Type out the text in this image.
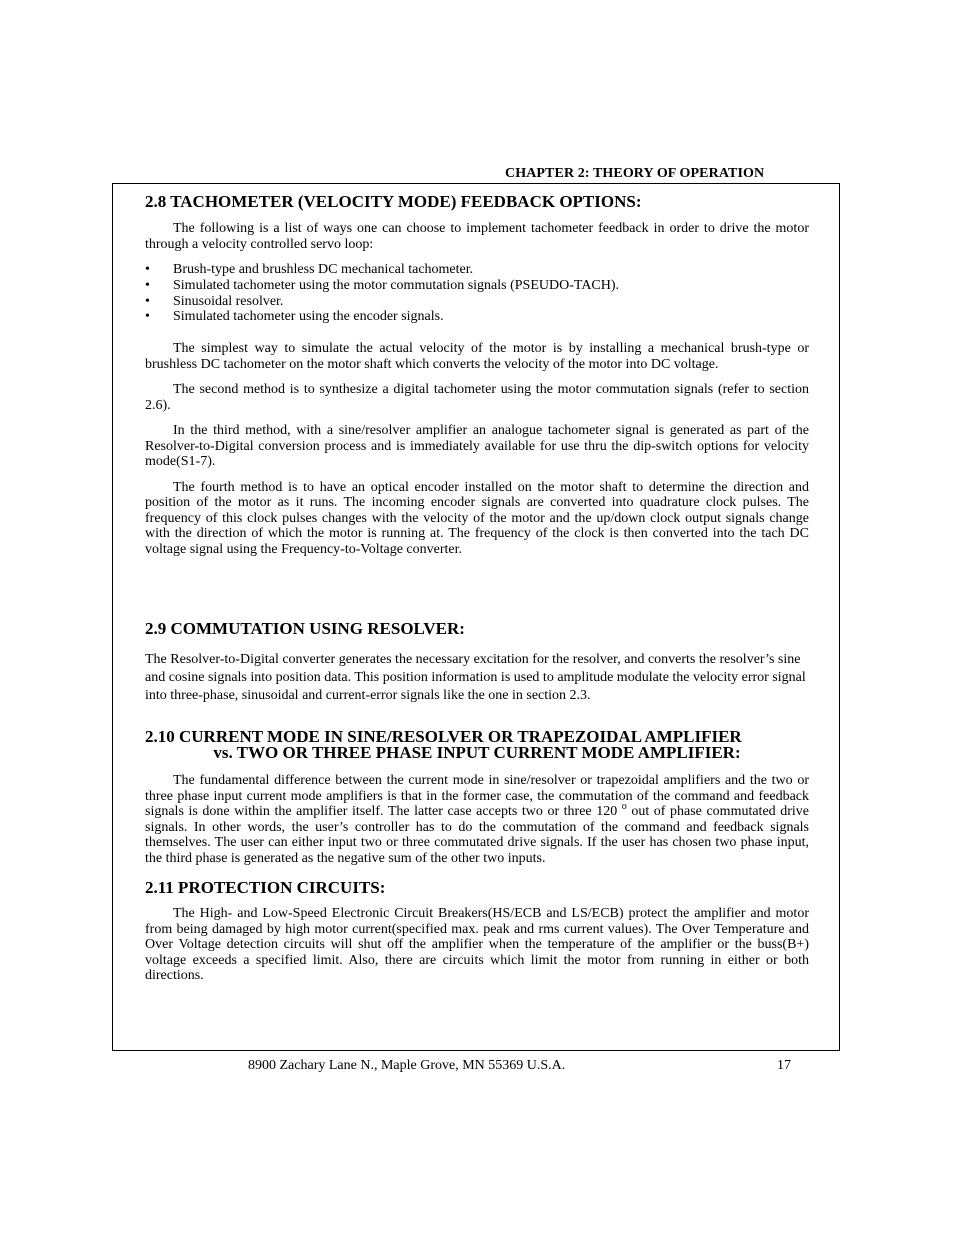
CHAPTER 2: THEORY OF OPERATION
2.8 TACHOMETER (VELOCITY MODE) FEEDBACK OPTIONS:

The following is a list of ways one can choose to implement tachometer feedback in order to drive the motor through a velocity controlled servo loop:

• Brush-type and brushless DC mechanical tachometer.
• Simulated tachometer using the motor commutation signals (PSEUDO-TACH).
• Sinusoidal resolver.
• Simulated tachometer using the encoder signals.

The simplest way to simulate the actual velocity of the motor is by installing a mechanical brush-type or brushless DC tachometer on the motor shaft which converts the velocity of the motor into DC voltage.

The second method is to synthesize a digital tachometer using the motor commutation signals (refer to section 2.6).

In the third method, with a sine/resolver amplifier an analogue tachometer signal is generated as part of the Resolver-to-Digital conversion process and is immediately available for use thru the dip-switch options for velocity mode(S1-7).

The fourth method is to have an optical encoder installed on the motor shaft to determine the direction and position of the motor as it runs. The incoming encoder signals are converted into quadrature clock pulses. The frequency of this clock pulses changes with the velocity of the motor and the up/down clock output signals change with the direction of which the motor is running at. The frequency of the clock is then converted into the tach DC voltage signal using the Frequency-to-Voltage converter.

2.9 COMMUTATION USING RESOLVER:

The Resolver-to-Digital converter generates the necessary excitation for the resolver, and converts the resolver’s sine and cosine signals into position data. This position information is used to amplitude modulate the velocity error signal into three-phase, sinusoidal and current-error signals like the one in section 2.3.

2.10 CURRENT MODE IN SINE/RESOLVER OR TRAPEZOIDAL AMPLIFIER
vs. TWO OR THREE PHASE INPUT CURRENT MODE AMPLIFIER:

The fundamental difference between the current mode in sine/resolver or trapezoidal amplifiers and the two or three phase input current mode amplifiers is that in the former case, the commutation of the command and feedback signals is done within the amplifier itself. The latter case accepts two or three 120 $^o$ out of phase commutated drive signals. In other words, the user’s controller has to do the commutation of the command and feedback signals themselves. The user can either input two or three commutated drive signals. If the user has chosen two phase input, the third phase is generated as the negative sum of the other two inputs.

2.11 PROTECTION CIRCUITS:

The High- and Low-Speed Electronic Circuit Breakers(HS/ECB and LS/ECB) protect the amplifier and motor from being damaged by high motor current(specified max. peak and rms current values). The Over Temperature and Over Voltage detection circuits will shut off the amplifier when the temperature of the amplifier or the buss(B+) voltage exceeds a specified limit. Also, there are circuits which limit the motor from running in either or both directions.

8900 Zachary Lane N., Maple Grove, MN 55369 U.S.A.	17
